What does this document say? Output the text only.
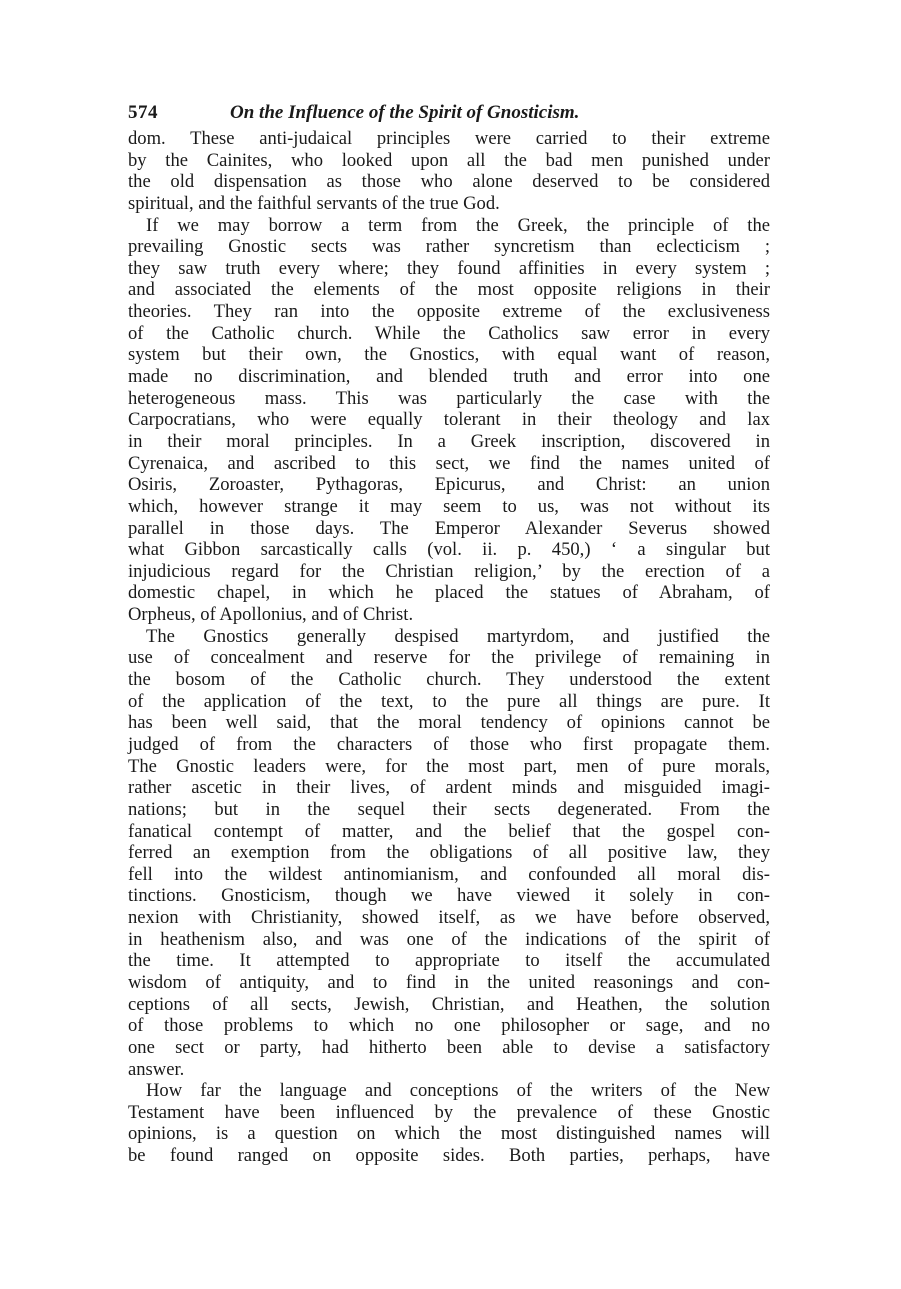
574	On the Influence of the Spirit of Gnosticism.
dom. These anti-judaical principles were carried to their extreme
by the Cainites, who looked upon all the bad men punished under
the old dispensation as those who alone deserved to be considered
spiritual, and the faithful servants of the true God.
If we may borrow a term from the Greek, the principle of the
prevailing Gnostic sects was rather syncretism than eclecticism ;
they saw truth every where; they found affinities in every system ;
and associated the elements of the most opposite religions in their
theories. They ran into the opposite extreme of the exclusiveness
of the Catholic church. While the Catholics saw error in every
system but their own, the Gnostics, with equal want of reason,
made no discrimination, and blended truth and error into one
heterogeneous mass. This was particularly the case with the
Carpocratians, who were equally tolerant in their theology and lax
in their moral principles. In a Greek inscription, discovered in
Cyrenaica, and ascribed to this sect, we find the names united of
Osiris, Zoroaster, Pythagoras, Epicurus, and Christ: an union
which, however strange it may seem to us, was not without its
parallel in those days. The Emperor Alexander Severus showed
what Gibbon sarcastically calls (vol. ii. p. 450,) ‘ a singular but
injudicious regard for the Christian religion,’ by the erection of a
domestic chapel, in which he placed the statues of Abraham, of
Orpheus, of Apollonius, and of Christ.
The Gnostics generally despised martyrdom, and justified the
use of concealment and reserve for the privilege of remaining in
the bosom of the Catholic church. They understood the extent
of the application of the text, to the pure all things are pure. It
has been well said, that the moral tendency of opinions cannot be
judged of from the characters of those who first propagate them.
The Gnostic leaders were, for the most part, men of pure morals,
rather ascetic in their lives, of ardent minds and misguided imagi-
nations; but in the sequel their sects degenerated. From the
fanatical contempt of matter, and the belief that the gospel con-
ferred an exemption from the obligations of all positive law, they
fell into the wildest antinomianism, and confounded all moral dis-
tinctions. Gnosticism, though we have viewed it solely in con-
nexion with Christianity, showed itself, as we have before observed,
in heathenism also, and was one of the indications of the spirit of
the time. It attempted to appropriate to itself the accumulated
wisdom of antiquity, and to find in the united reasonings and con-
ceptions of all sects, Jewish, Christian, and Heathen, the solution
of those problems to which no one philosopher or sage, and no
one sect or party, had hitherto been able to devise a satisfactory
answer.
How far the language and conceptions of the writers of the New
Testament have been influenced by the prevalence of these Gnostic
opinions, is a question on which the most distinguished names will
be found ranged on opposite sides. Both parties, perhaps, have
